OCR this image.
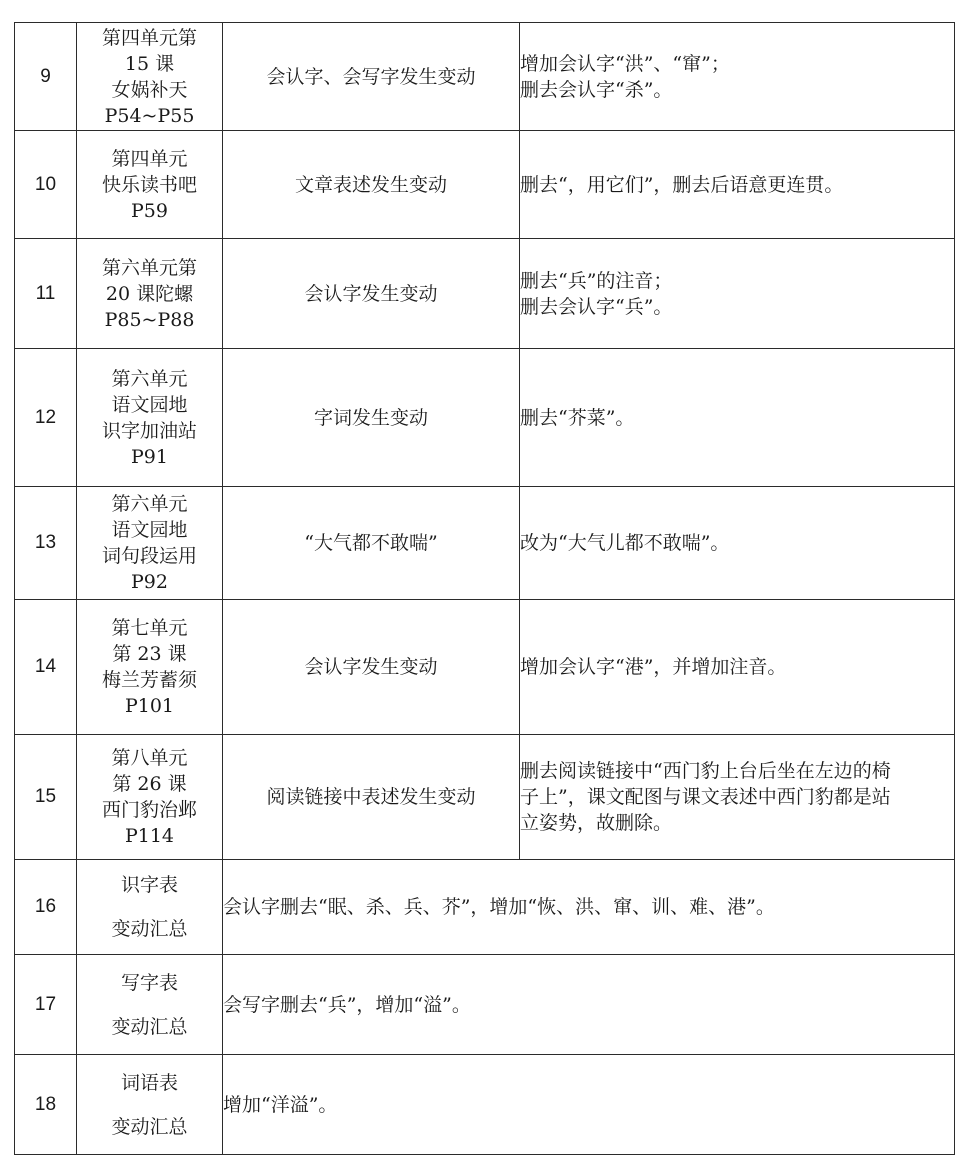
9	第四单元第
15 课
女娲补天
P54~P55	会认字、会写字发生变动	增加会认字“洪”、“窜”；
删去会认字“杀”。

10	第四单元
快乐读书吧
P59	文章表述发生变动	删去“，用它们”，删去后语意更连贯。

11	第六单元第
20 课陀螺
P85~P88	会认字发生变动	删去“兵”的注音；
删去会认字“兵”。

12	第六单元
语文园地
识字加油站
P91	字词发生变动	删去“芥菜”。

13	第六单元
语文园地
词句段运用
P92	“大气都不敢喘”	改为“大气儿都不敢喘”。

14	第七单元
第 23 课
梅兰芳蓄须
P101	会认字发生变动	增加会认字“港”，并增加注音。

15	第八单元
第 26 课
西门豹治邺
P114	阅读链接中表述发生变动	删去阅读链接中“西门豹上台后坐在左边的椅
子上”，课文配图与课文表述中西门豹都是站
立姿势，故删除。

16	识字表
变动汇总	会认字删去“眠、杀、兵、芥”，增加“恢、洪、窜、训、难、港”。	
17	写字表
变动汇总	会写字删去“兵”，增加“溢”。	
18	词语表
变动汇总	增加“洋溢”。	
